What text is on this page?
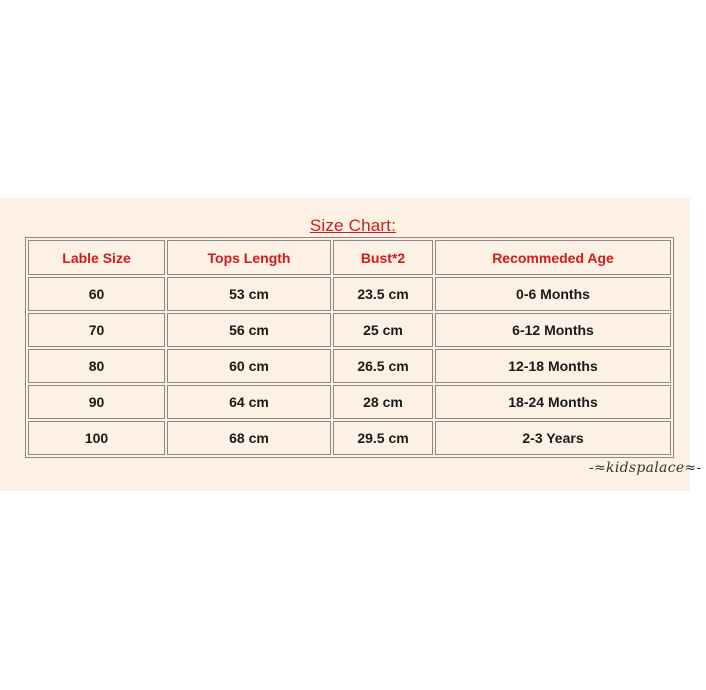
Size Chart:
Lable Size	Tops Length	Bust*2	Recommeded Age
60	53 cm	23.5 cm	0-6 Months
70	56 cm	25 cm	6-12 Months
80	60 cm	26.5 cm	12-18 Months
90	64 cm	28 cm	18-24 Months
100	68 cm	29.5 cm	2-3 Years
-≈kidspalace≈-
